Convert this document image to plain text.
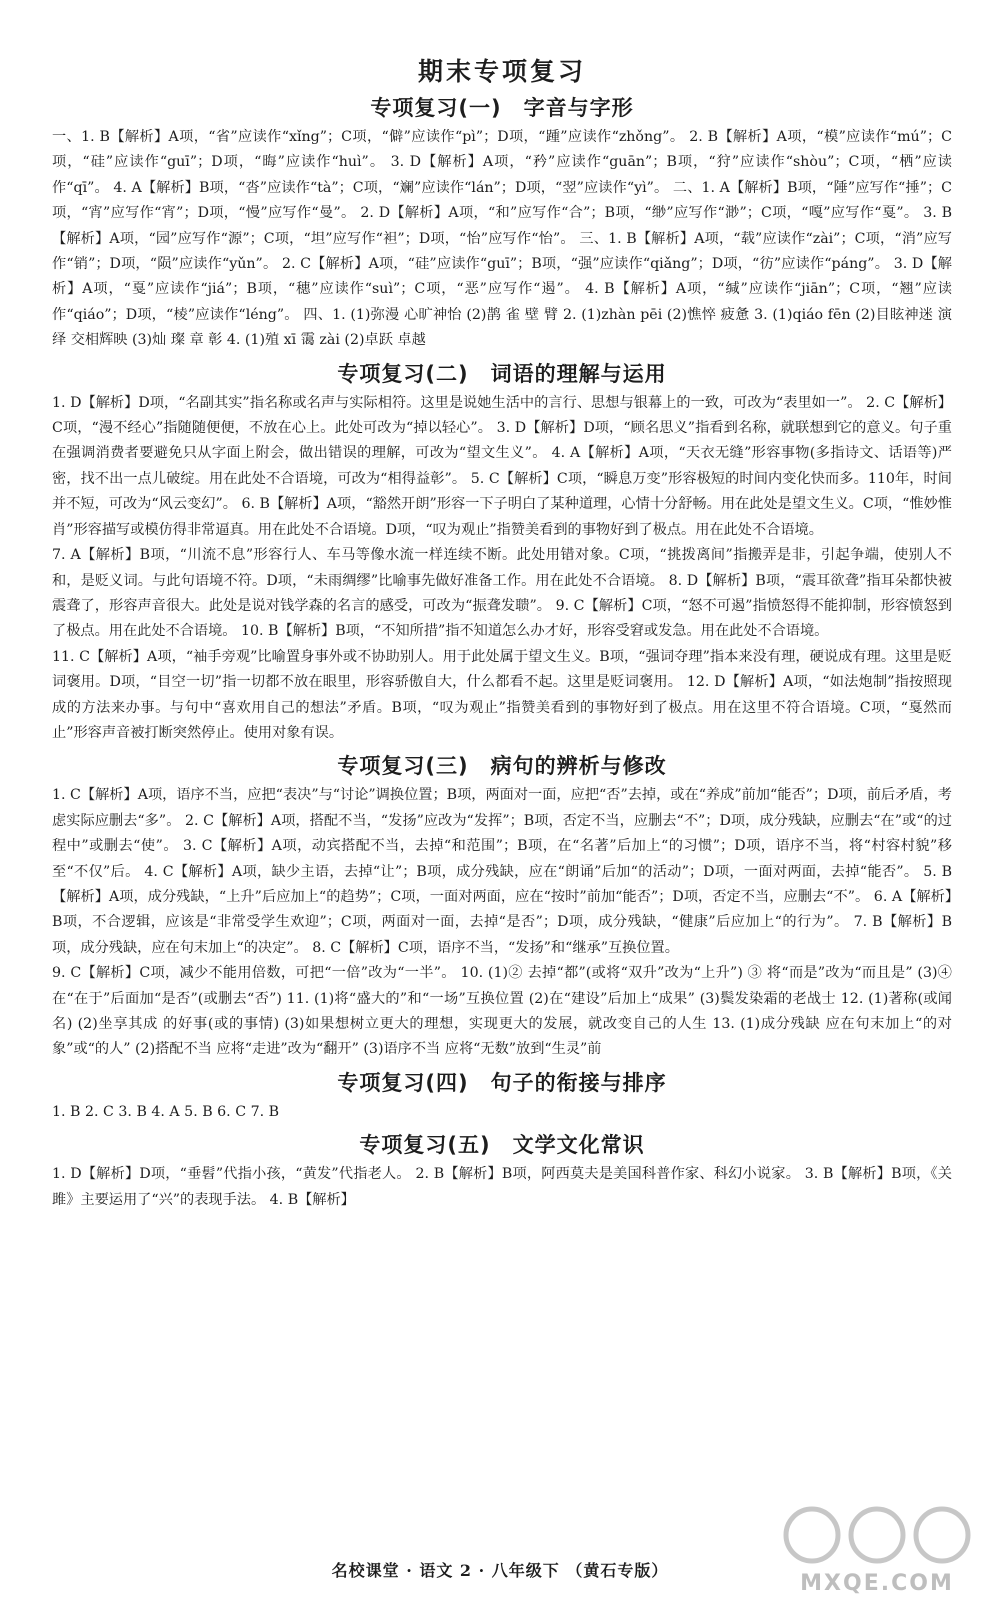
期末专项复习
专项复习(一) 字音与字形

一、1. B【解析】A项，“省”应读作“xǐng”；C项，“僻”应读作“pì”；D项，“踵”应读作“zhǒng”。 2. B【解析】A项，“模”应读作“mú”；C项，“硅”应读作“guī”；D项，“晦”应读作“huì”。 3. D【解析】A项，“矜”应读作“guān”；B项，“狩”应读作“shòu”；C项，“栖”应读作“qī”。 4. A【解析】B项，“沓”应读作“tà”；C项，“斓”应读作“lán”；D项，“翌”应读作“yì”。 二、1. A【解析】B项，“陲”应写作“捶”；C项，“宵”应写作“宵”；D项，“慢”应写作“曼”。 2. D【解析】A项，“和”应写作“合”；B项，“缈”应写作“渺”；C项，“嘎”应写作“戛”。 3. B【解析】A项，“园”应写作“源”；C项，“坦”应写作“袒”；D项，“怡”应写作“怡”。 三、1. B【解析】A项，“载”应读作“zài”；C项，“消”应写作“销”；D项，“陨”应读作“yǔn”。 2. C【解析】A项，“硅”应读作“guī”；B项，“强”应读作“qiǎng”；D项，“彷”应读作“páng”。 3. D【解析】A项，“戛”应读作“jiá”；B项，“穗”应读作“suì”；C项，“恶”应写作“遏”。 4. B【解析】A项，“缄”应读作“jiān”；C项，“翘”应读作“qiáo”；D项，“棱”应读作“léng”。 四、1. (1)弥漫 心旷神怡 (2)鹊 雀 壁 臂 2. (1)zhàn pēi (2)憔悴 疲惫 3. (1)qiáo fēn (2)目眩神迷 演绎 交相辉映 (3)灿 璨 章 彰 4. (1)殖 xī 霭 zài (2)卓跃 卓越

专项复习(二) 词语的理解与运用

1. D【解析】D项，“名副其实”指名称或名声与实际相符。这里是说她生活中的言行、思想与银幕上的一致，可改为“表里如一”。 2. C【解析】C项，“漫不经心”指随随便便，不放在心上。此处可改为“掉以轻心”。 3. D【解析】D项，“顾名思义”指看到名称，就联想到它的意义。句子重在强调消费者要避免只从字面上附会，做出错误的理解，可改为“望文生义”。 4. A【解析】A项，“天衣无缝”形容事物(多指诗文、话语等)严密，找不出一点儿破绽。用在此处不合语境，可改为“相得益彰”。 5. C【解析】C项，“瞬息万变”形容极短的时间内变化快而多。110年，时间并不短，可改为“风云变幻”。 6. B【解析】A项，“豁然开朗”形容一下子明白了某种道理，心情十分舒畅。用在此处是望文生义。C项，“惟妙惟肖”形容描写或模仿得非常逼真。用在此处不合语境。D项，“叹为观止”指赞美看到的事物好到了极点。用在此处不合语境。

7. A【解析】B项，“川流不息”形容行人、车马等像水流一样连续不断。此处用错对象。C项，“挑拨离间”指搬弄是非，引起争端，使别人不和，是贬义词。与此句语境不符。D项，“未雨绸缪”比喻事先做好准备工作。用在此处不合语境。 8. D【解析】B项，“震耳欲聋”指耳朵都快被震聋了，形容声音很大。此处是说对钱学森的名言的感受，可改为“振聋发聩”。 9. C【解析】C项，“怒不可遏”指愤怒得不能抑制，形容愤怒到了极点。用在此处不合语境。 10. B【解析】B项，“不知所措”指不知道怎么办才好，形容受窘或发急。用在此处不合语境。

11. C【解析】A项，“袖手旁观”比喻置身事外或不协助别人。用于此处属于望文生义。B项，“强词夺理”指本来没有理，硬说成有理。这里是贬词褒用。D项，“目空一切”指一切都不放在眼里，形容骄傲自大，什么都看不起。这里是贬词褒用。 12. D【解析】A项，“如法炮制”指按照现成的方法来办事。与句中“喜欢用自己的想法”矛盾。B项，“叹为观止”指赞美看到的事物好到了极点。用在这里不符合语境。C项，“戛然而止”形容声音被打断突然停止。使用对象有误。

专项复习(三) 病句的辨析与修改

1. C【解析】A项，语序不当，应把“表决”与“讨论”调换位置；B项，两面对一面，应把“否”去掉，或在“养成”前加“能否”；D项，前后矛盾，考虑实际应删去“多”。 2. C【解析】A项，搭配不当，“发扬”应改为“发挥”；B项，否定不当，应删去“不”；D项，成分残缺，应删去“在”或“的过程中”或删去“使”。 3. C【解析】A项，动宾搭配不当，去掉“和范围”；B项，在“名著”后加上“的习惯”；D项，语序不当，将“村容村貌”移至“不仅”后。 4. C【解析】A项，缺少主语，去掉“让”；B项，成分残缺，应在“朗诵”后加“的活动”；D项，一面对两面，去掉“能否”。 5. B【解析】A项，成分残缺，“上升”后应加上“的趋势”；C项，一面对两面，应在“按时”前加“能否”；D项，否定不当，应删去“不”。 6. A【解析】B项，不合逻辑，应该是“非常受学生欢迎”；C项，两面对一面，去掉“是否”；D项，成分残缺，“健康”后应加上“的行为”。 7. B【解析】B项，成分残缺，应在句末加上“的决定”。 8. C【解析】C项，语序不当，“发扬”和“继承”互换位置。

9. C【解析】C项，减少不能用倍数，可把“一倍”改为“一半”。 10. (1)② 去掉“都”(或将“双升”改为“上升”) ③ 将“而是”改为“而且是” (3)④ 在“在于”后面加“是否”(或删去“否”) 11. (1)将“盛大的”和“一场”互换位置 (2)在“建设”后加上“成果” (3)鬓发染霜的老战士 12. (1)著称(或闻名) (2)坐享其成 的好事(或的事情) (3)如果想树立更大的理想，实现更大的发展，就改变自己的人生 13. (1)成分残缺 应在句末加上“的对象”或“的人” (2)搭配不当 应将“走进”改为“翻开” (3)语序不当 应将“无数”放到“生灵”前

专项复习(四) 句子的衔接与排序

1. B 2. C 3. B 4. A 5. B 6. C 7. B

专项复习(五) 文学文化常识

1. D【解析】D项，“垂髫”代指小孩，“黄发”代指老人。 2. B【解析】B项，阿西莫夫是美国科普作家、科幻小说家。 3. B【解析】B项，《关雎》主要运用了“兴”的表现手法。 4. B【解析】

名校课堂 · 语文 2 · 八年级下 （黄石专版）
MXQE.COM
